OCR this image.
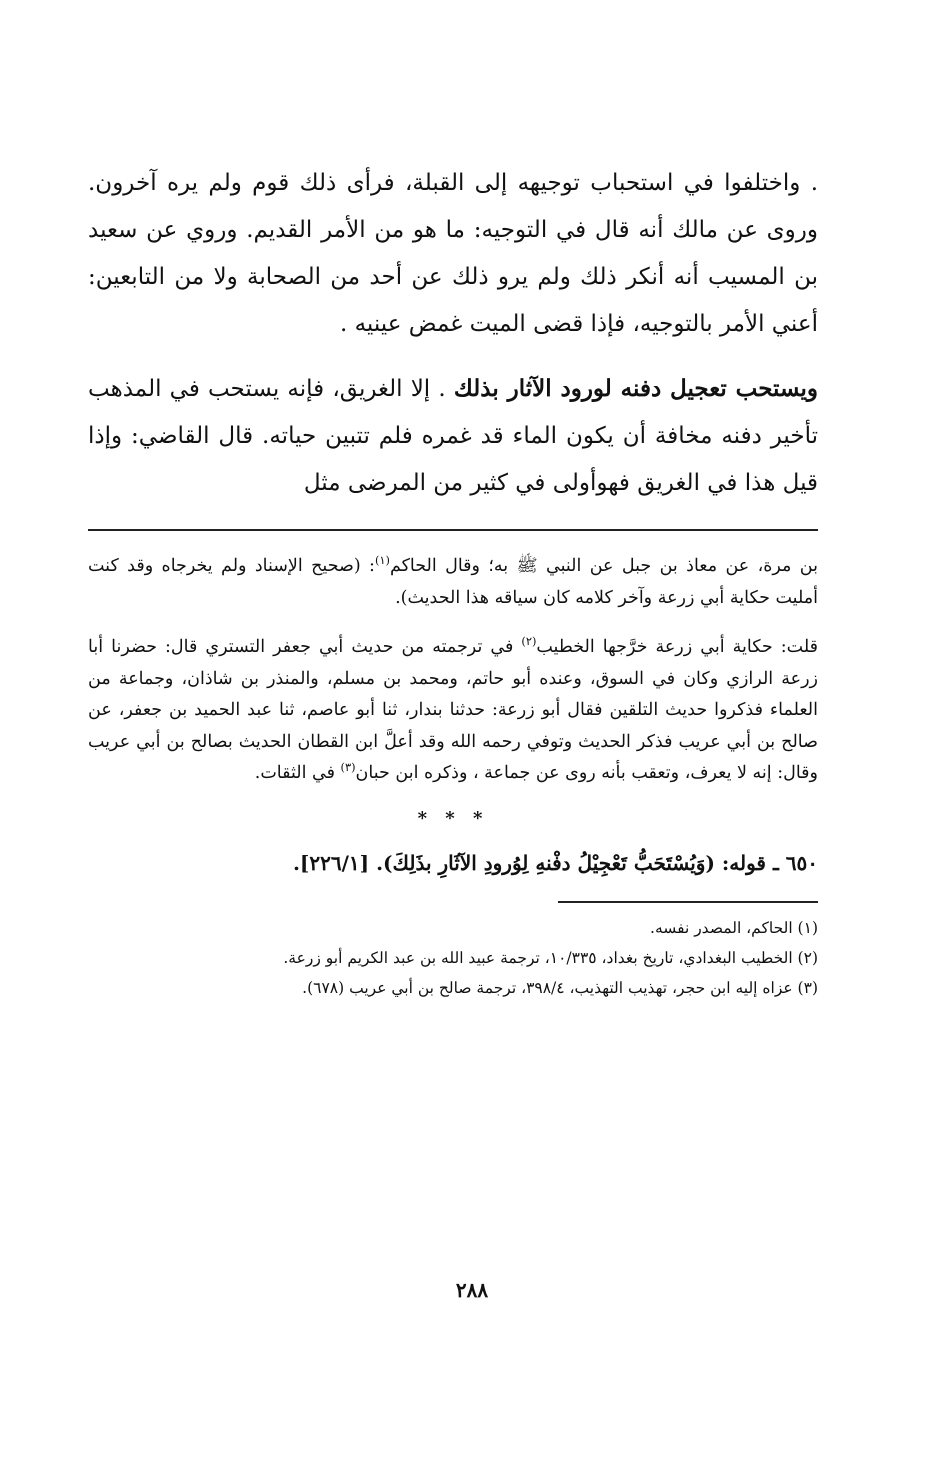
. واختلفوا في استحباب توجيهه إلى القبلة، فرأى ذلك قوم ولم يره آخرون. وروى عن مالك أنه قال في التوجيه: ما هو من الأمر القديم. وروي عن سعيد بن المسيب أنه أنكر ذلك ولم يرو ذلك عن أحد من الصحابة ولا من التابعين: أعني الأمر بالتوجيه، فإذا قضى الميت غمض عينيه .

ويستحب تعجيل دفنه لورود الآثار بذلك . إلا الغريق، فإنه يستحب في المذهب تأخير دفنه مخافة أن يكون الماء قد غمره فلم تتبين حياته. قال القاضي: وإذا قيل هذا في الغريق فهوأولى في كثير من المرضى مثل

بن مرة، عن معاذ بن جبل عن النبي ﷺ به؛ وقال الحاكم$^{(١)}$: (صحيح الإسناد ولم يخرجاه وقد كنت أمليت حكاية أبي زرعة وآخر كلامه كان سياقه هذا الحديث).

قلت: حكاية أبي زرعة خرَّجها الخطيب$^{(٢)}$ في ترجمته من حديث أبي جعفر التستري قال: حضرنا أبا زرعة الرازي وكان في السوق، وعنده أبو حاتم، ومحمد بن مسلم، والمنذر بن شاذان، وجماعة من العلماء فذكروا حديث التلقين فقال أبو زرعة: حدثنا بندار، ثنا أبو عاصم، ثنا عبد الحميد بن جعفر، عن صالح بن أبي عريب فذكر الحديث وتوفي رحمه الله وقد أعلَّ ابن القطان الحديث بصالح بن أبي عريب وقال: إنه لا يعرف، وتعقب بأنه روى عن جماعة ، وذكره ابن حبان$^{(٣)}$ في الثقات.

* * *
٦٥٠ ـ قوله: (وَيُسْتَحَبُّ تَعْجِيْلُ دفْنهِ لِوُرودِ الآثَارِ بذَلِكَ). [٢٢٦/١].
(١) الحاكم، المصدر نفسه.
(٢) الخطيب البغدادي، تاريخ بغداد، ١٠/٣٣٥، ترجمة عبيد الله بن عبد الكريم أبو زرعة.
(٣) عزاه إليه ابن حجر، تهذيب التهذيب، ٣٩٨/٤، ترجمة صالح بن أبي عريب (٦٧٨).
٢٨٨
